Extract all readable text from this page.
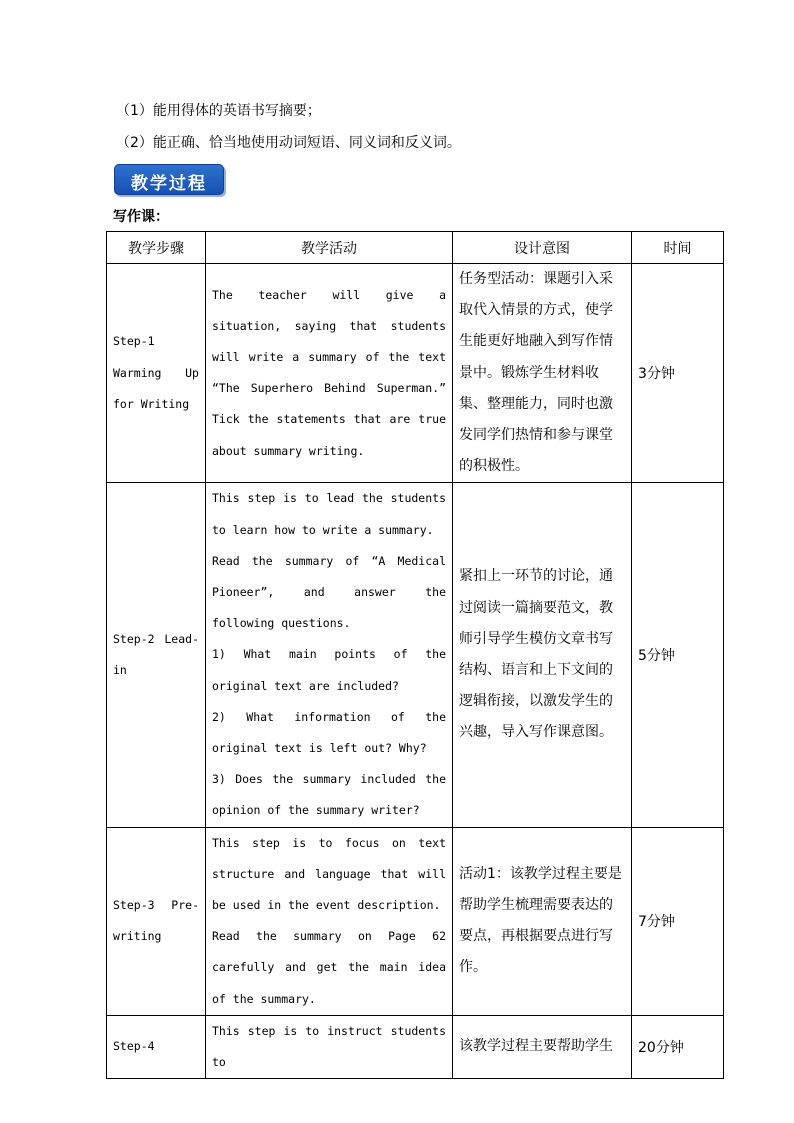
（1）能用得体的英语书写摘要；
（2）能正确、恰当地使用动词短语、同义词和反义词。
教学过程
写作课：
教学步骤	教学活动	设计意图	时间
Step-1 Warming Up for Writing	The teacher will give a situation, saying that students will write a summary of the text “The Superhero Behind Superman.” Tick the statements that are true about summary writing.	任务型活动：课题引入采取代入情景的方式，使学生能更好地融入到写作情景中。锻炼学生材料收集、整理能力，同时也激发同学们热情和参与课堂的积极性。	3分钟
Step-2 Lead-in	This step is to lead the students to learn how to write a summary.

Read the summary of “A Medical Pioneer”, and answer the following questions.

1) What main points of the original text are included?

2) What information of the original text is left out? Why?

3) Does the summary included the opinion of the summary writer?	紧扣上一环节的讨论，通过阅读一篇摘要范文，教师引导学生模仿文章书写结构、语言和上下文间的逻辑衔接，以激发学生的兴趣，导入写作课意图。	5分钟
Step-3 Pre-writing	This step is to focus on text structure and language that will be used in the event description.

Read the summary on Page 62 carefully and get the main idea of the summary.	活动1：该教学过程主要是帮助学生梳理需要表达的要点，再根据要点进行写作。	7分钟
Step-4	This step is to instruct students to	该教学过程主要帮助学生	20分钟
